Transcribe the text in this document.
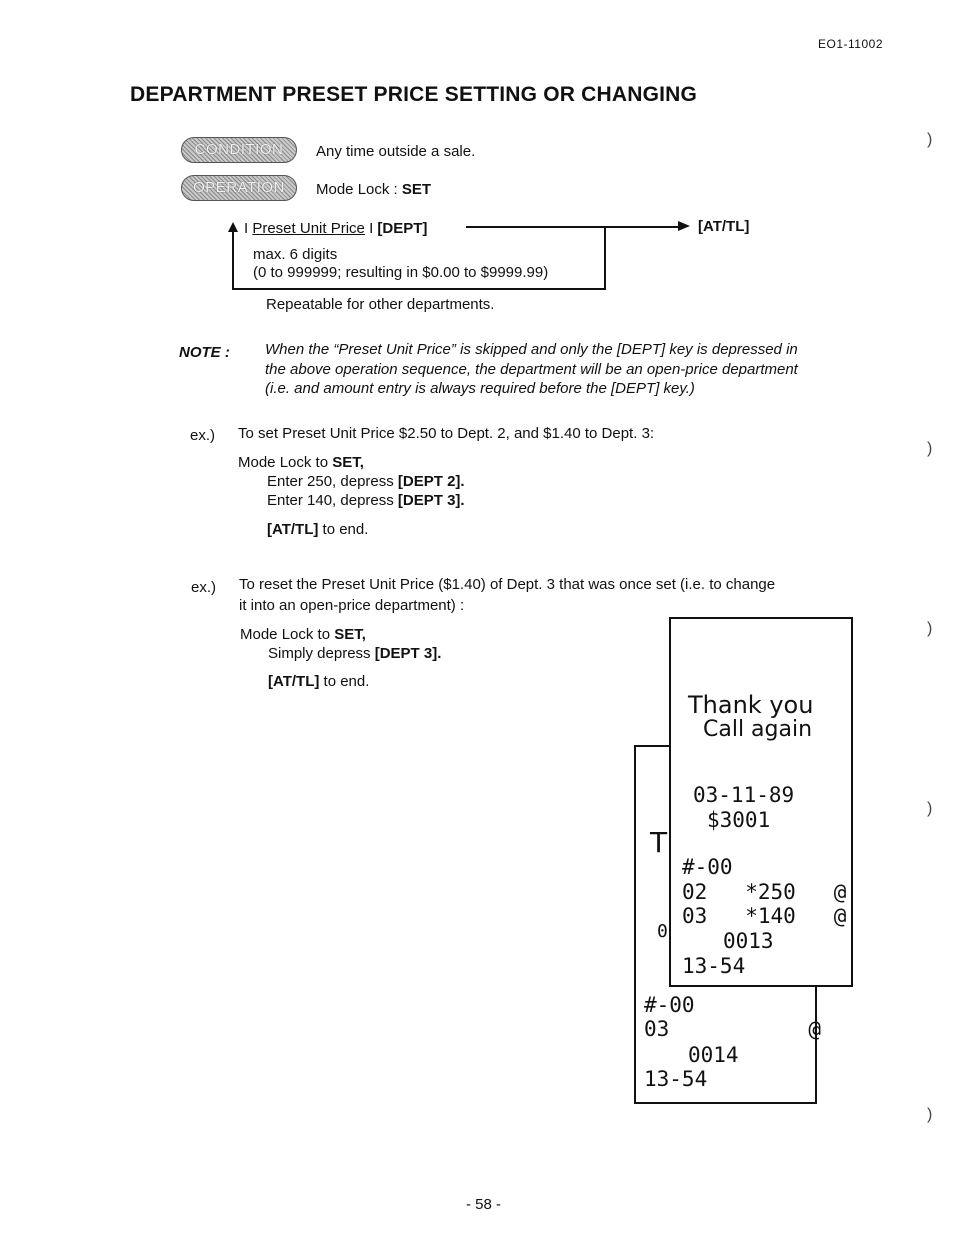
EO1-11002
DEPARTMENT PRESET PRICE SETTING OR CHANGING
CONDITION	Any time outside a sale.
OPERATION	Mode Lock : SET
I Preset Unit Price I [DEPT]	[AT/TL]
max. 6 digits
(0 to 999999; resulting in $0.00 to $9999.99)
Repeatable for other departments.
NOTE : When the “Preset Unit Price” is skipped and only the [DEPT] key is depressed in
the above operation sequence, the department will be an open-price department
(i.e. and amount entry is always required before the [DEPT] key.)
ex.) To set Preset Unit Price $2.50 to Dept. 2, and $1.40 to Dept. 3:
Mode Lock to SET,
Enter 250, depress [DEPT 2].
Enter 140, depress [DEPT 3].
[AT/TL] to end.
ex.) To reset the Preset Unit Price ($1.40) of Dept. 3 that was once set (i.e. to change
it into an open-price department) :
Mode Lock to SET,
Simply depress [DEPT 3].
[AT/TL] to end.
T
0
#-00
03           @
0014
13-54
Thank you
Call again
03-11-89
$3001
#-00
02   *250   @
03   *140   @
0013
13-54
)
)
)
)
)
- 58 -
